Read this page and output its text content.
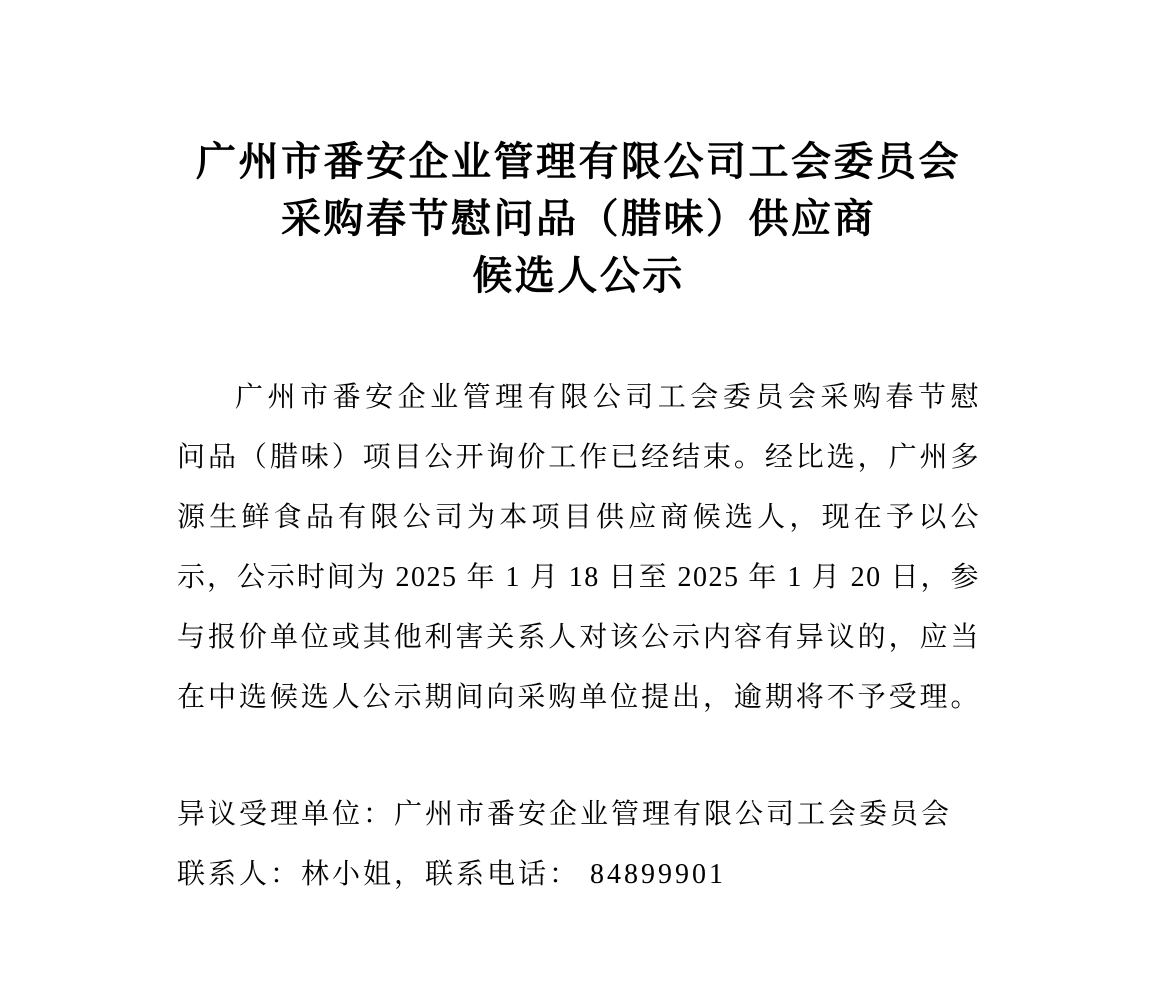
广州市番安企业管理有限公司工会委员会
采购春节慰问品（腊味）供应商
候选人公示
广州市番安企业管理有限公司工会委员会采购春节慰
问品（腊味）项目公开询价工作已经结束。经比选，广州多
源生鲜食品有限公司为本项目供应商候选人，现在予以公
示，公示时间为 2025 年 1 月 18 日至 2025 年 1 月 20 日，参
与报价单位或其他利害关系人对该公示内容有异议的，应当
在中选候选人公示期间向采购单位提出，逾期将不予受理。
异议受理单位：广州市番安企业管理有限公司工会委员会
联系人：林小姐，联系电话： 84899901
